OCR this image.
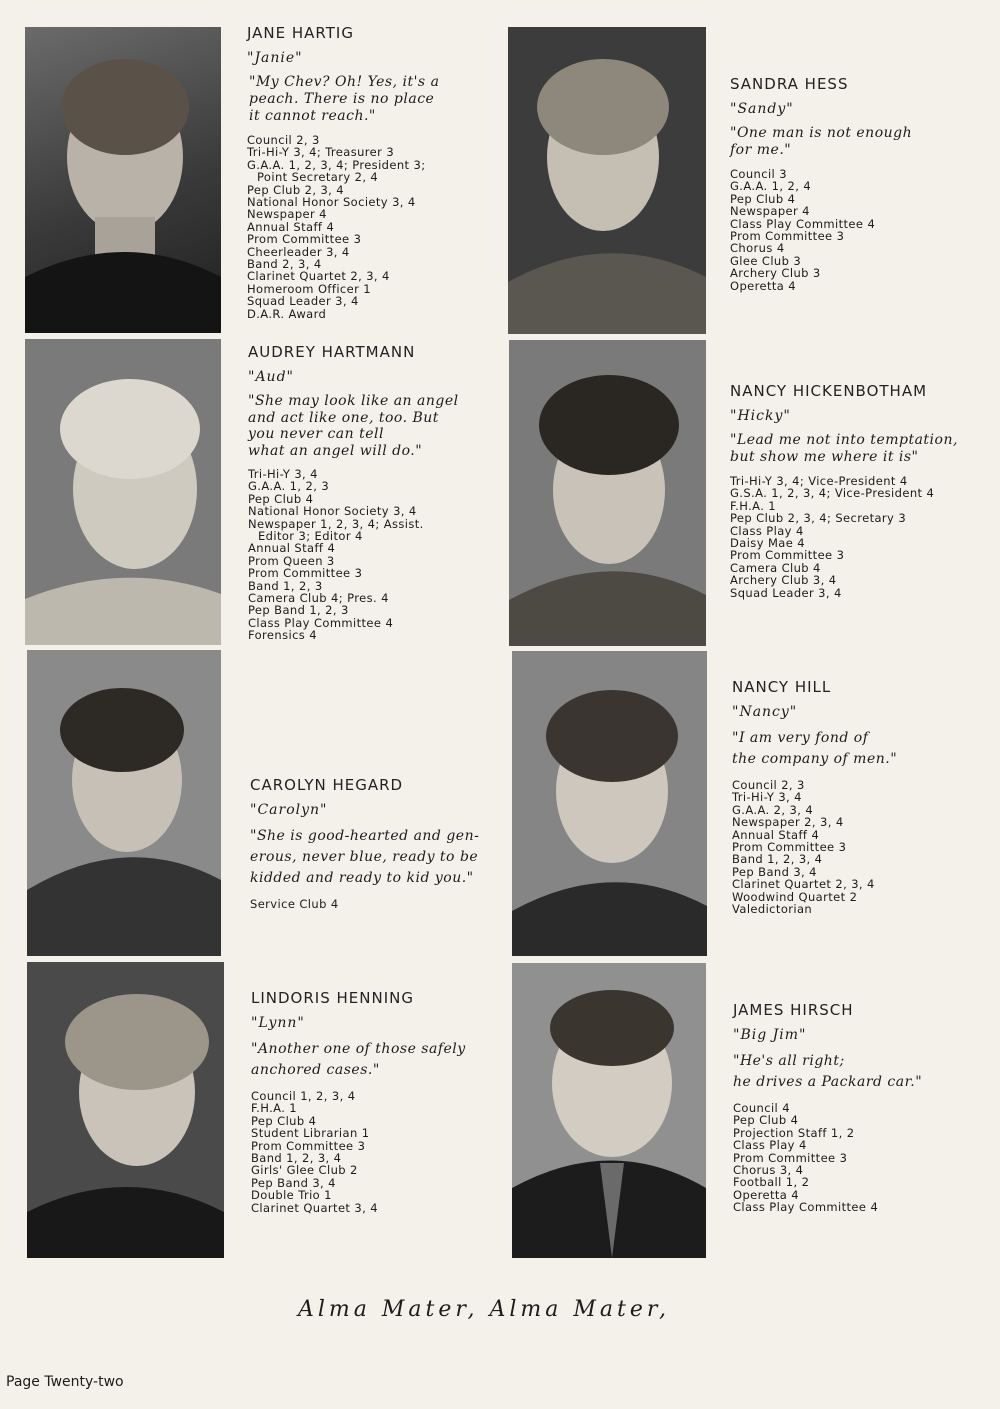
JANE HARTIG
"Janie"
"My Chev? Oh! Yes, it's a
peach. There is no place
it cannot reach."
Council 2, 3
Tri-Hi-Y 3, 4; Treasurer 3
G.A.A. 1, 2, 3, 4; President 3;
Point Secretary 2, 4
Pep Club 2, 3, 4
National Honor Society 3, 4
Newspaper 4
Annual Staff 4
Prom Committee 3
Cheerleader 3, 4
Band 2, 3, 4
Clarinet Quartet 2, 3, 4
Homeroom Officer 1
Squad Leader 3, 4
D.A.R. Award
SANDRA HESS
"Sandy"
"One man is not enough
for me."
Council 3
G.A.A. 1, 2, 4
Pep Club 4
Newspaper 4
Class Play Committee 4
Prom Committee 3
Chorus 4
Glee Club 3
Archery Club 3
Operetta 4
AUDREY HARTMANN
"Aud"
"She may look like an angel
and act like one, too. But
you never can tell
what an angel will do."
Tri-Hi-Y 3, 4
G.A.A. 1, 2, 3
Pep Club 4
National Honor Society 3, 4
Newspaper 1, 2, 3, 4; Assist.
Editor 3; Editor 4
Annual Staff 4
Prom Queen 3
Prom Committee 3
Band 1, 2, 3
Camera Club 4; Pres. 4
Pep Band 1, 2, 3
Class Play Committee 4
Forensics 4
NANCY HICKENBOTHAM
"Hicky"
"Lead me not into temptation,
but show me where it is"
Tri-Hi-Y 3, 4; Vice-President 4
G.S.A. 1, 2, 3, 4; Vice-President 4
F.H.A. 1
Pep Club 2, 3, 4; Secretary 3
Class Play 4
Daisy Mae 4
Prom Committee 3
Camera Club 4
Archery Club 3, 4
Squad Leader 3, 4
CAROLYN HEGARD
"Carolyn"
"She is good-hearted and gen-
erous, never blue, ready to be
kidded and ready to kid you."
Service Club 4
NANCY HILL
"Nancy"
"I am very fond of
the company of men."
Council 2, 3
Tri-Hi-Y 3, 4
G.A.A. 2, 3, 4
Newspaper 2, 3, 4
Annual Staff 4
Prom Committee 3
Band 1, 2, 3, 4
Pep Band 3, 4
Clarinet Quartet 2, 3, 4
Woodwind Quartet 2
Valedictorian
LINDORIS HENNING
"Lynn"
"Another one of those safely
anchored cases."
Council 1, 2, 3, 4
F.H.A. 1
Pep Club 4
Student Librarian 1
Prom Committee 3
Band 1, 2, 3, 4
Girls' Glee Club 2
Pep Band 3, 4
Double Trio 1
Clarinet Quartet 3, 4
JAMES HIRSCH
"Big Jim"
"He's all right;
he drives a Packard car."
Council 4
Pep Club 4
Projection Staff 1, 2
Class Play 4
Prom Committee 3
Chorus 3, 4
Football 1, 2
Operetta 4
Class Play Committee 4
Alma Mater, Alma Mater,
Page Twenty-two
